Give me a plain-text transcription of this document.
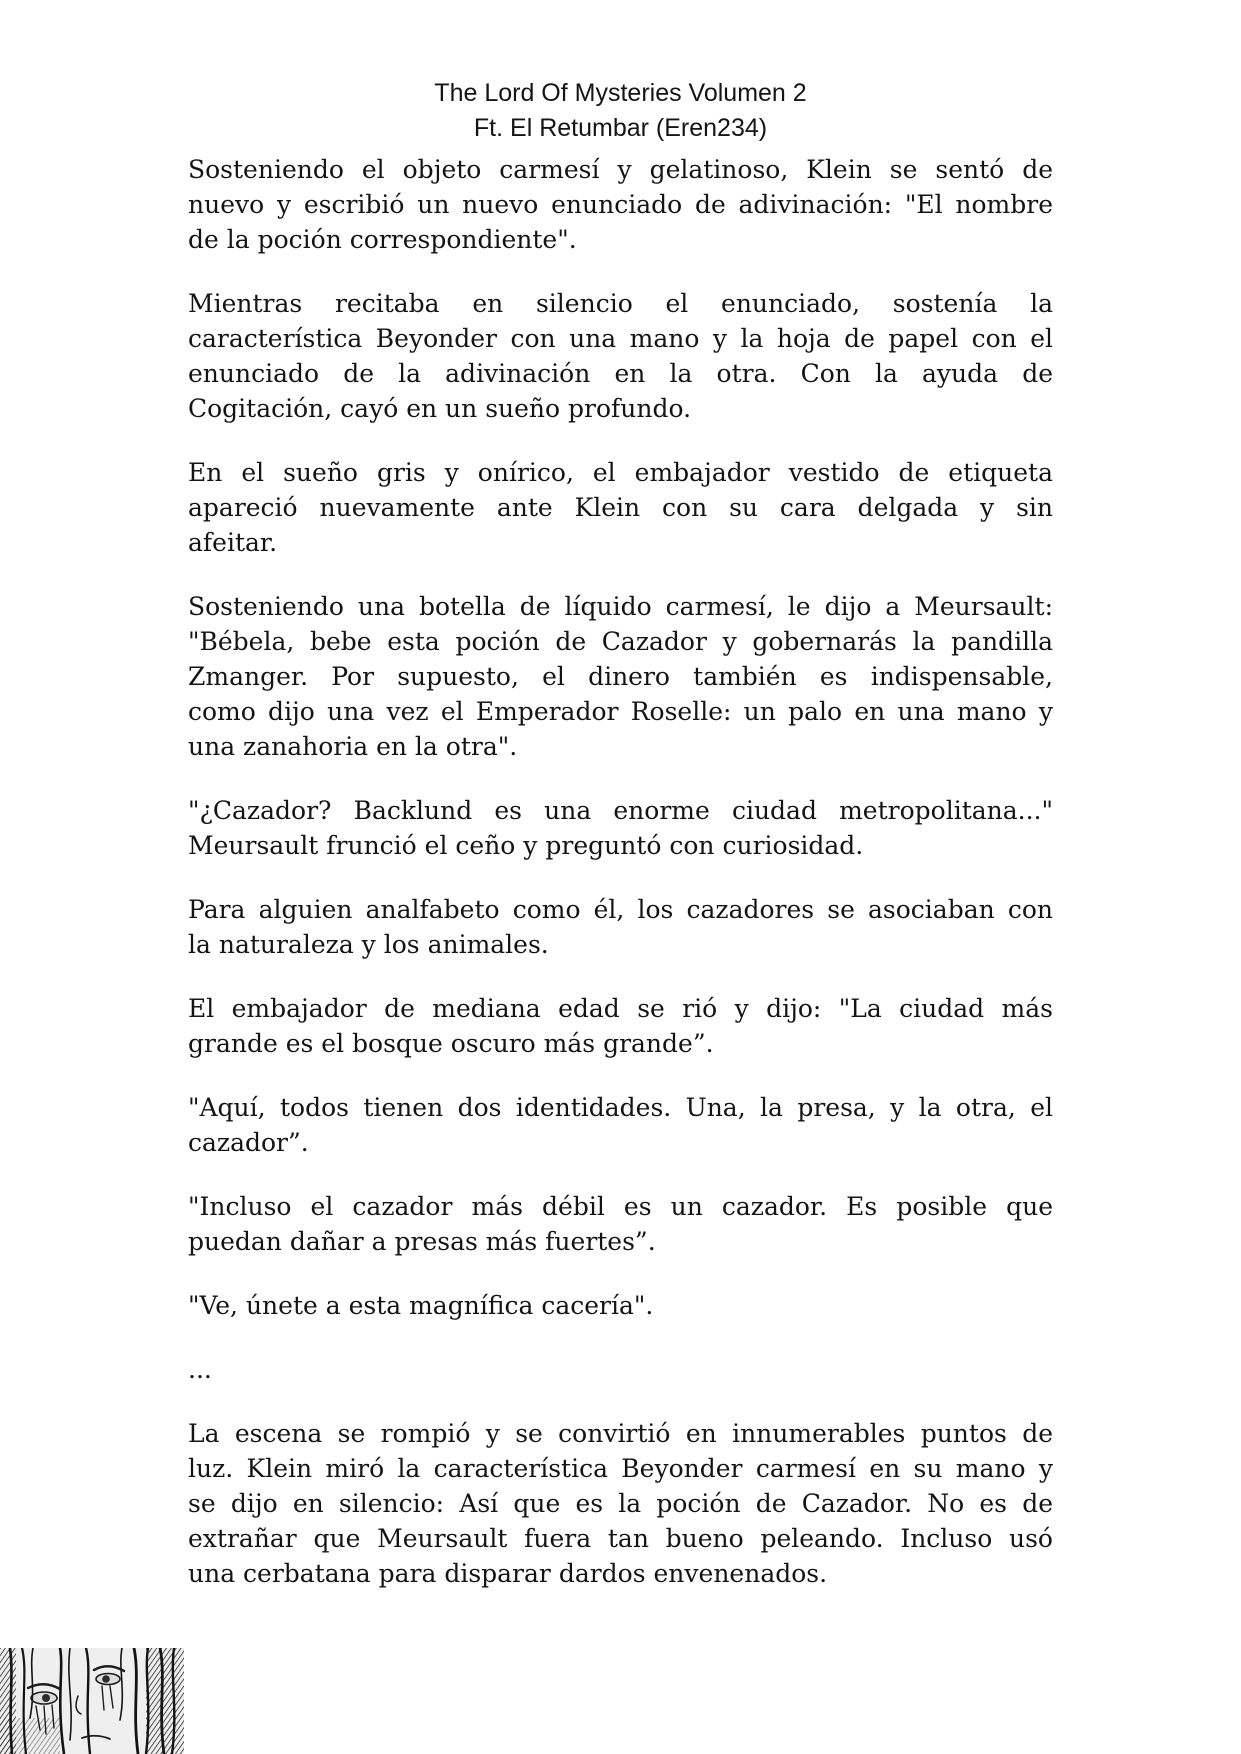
The Lord Of Mysteries Volumen 2
Ft. El Retumbar (Eren234)
Sosteniendo el objeto carmesí y gelatinoso, Klein se sentó de
nuevo y escribió un nuevo enunciado de adivinación: "El nombre
de la poción correspondiente".
Mientras recitaba en silencio el enunciado, sostenía la
característica Beyonder con una mano y la hoja de papel con el
enunciado de la adivinación en la otra. Con la ayuda de
Cogitación, cayó en un sueño profundo.
En el sueño gris y onírico, el embajador vestido de etiqueta
apareció nuevamente ante Klein con su cara delgada y sin
afeitar.
Sosteniendo una botella de líquido carmesí, le dijo a Meursault:
"Bébela, bebe esta poción de Cazador y gobernarás la pandilla
Zmanger. Por supuesto, el dinero también es indispensable,
como dijo una vez el Emperador Roselle: un palo en una mano y
una zanahoria en la otra".
"¿Cazador? Backlund es una enorme ciudad metropolitana..."
Meursault frunció el ceño y preguntó con curiosidad.
Para alguien analfabeto como él, los cazadores se asociaban con
la naturaleza y los animales.
El embajador de mediana edad se rió y dijo: "La ciudad más
grande es el bosque oscuro más grande”.
"Aquí, todos tienen dos identidades. Una, la presa, y la otra, el
cazador”.
"Incluso el cazador más débil es un cazador. Es posible que
puedan dañar a presas más fuertes”.
"Ve, únete a esta magnífica cacería".
...
La escena se rompió y se convirtió en innumerables puntos de
luz. Klein miró la característica Beyonder carmesí en su mano y
se dijo en silencio: Así que es la poción de Cazador. No es de
extrañar que Meursault fuera tan bueno peleando. Incluso usó
una cerbatana para disparar dardos envenenados.
